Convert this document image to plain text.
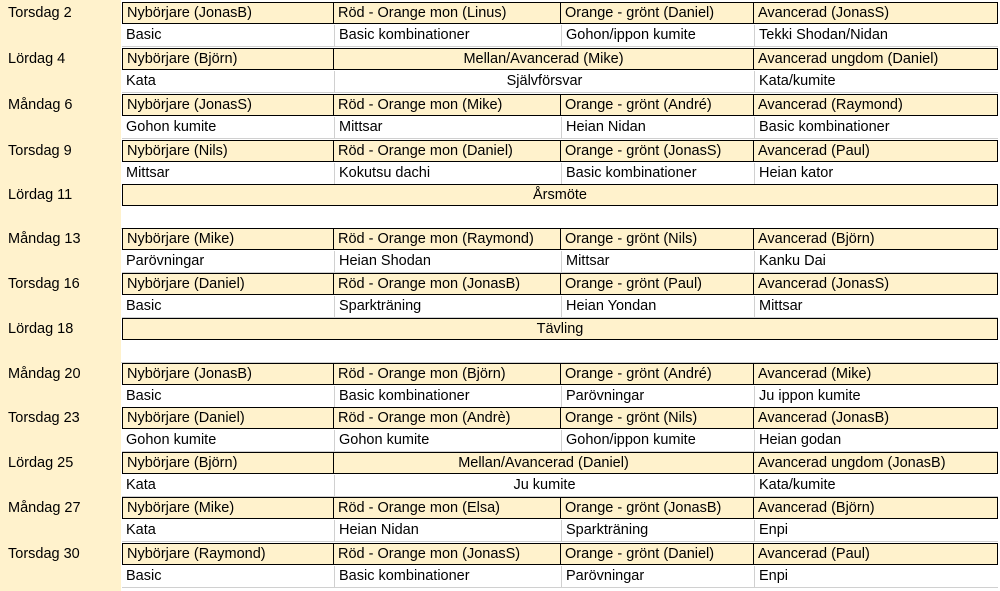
Torsdag 2	Nybörjare (JonasB)	Röd - Orange mon (Linus)	Orange - grönt (Daniel)	Avancerad (JonasS)
Basic	Basic kombinationer	Gohon/ippon kumite	Tekki Shodan/Nidan
Lördag 4	Nybörjare (Björn)	Mellan/Avancerad (Mike)	Avancerad ungdom (Daniel)
Kata	Självförsvar	Kata/kumite
Måndag 6	Nybörjare (JonasS)	Röd - Orange mon (Mike)	Orange - grönt (André)	Avancerad (Raymond)
Gohon kumite	Mittsar	Heian Nidan	Basic kombinationer
Torsdag 9	Nybörjare (Nils)	Röd - Orange mon (Daniel)	Orange - grönt (JonasS)	Avancerad (Paul)
Mittsar	Kokutsu dachi	Basic kombinationer	Heian kator
Lördag 11	Årsmöte
Måndag 13	Nybörjare (Mike)	Röd - Orange mon (Raymond)	Orange - grönt (Nils)	Avancerad (Björn)
Parövningar	Heian Shodan	Mittsar	Kanku Dai
Torsdag 16	Nybörjare (Daniel)	Röd - Orange mon (JonasB)	Orange - grönt (Paul)	Avancerad (JonasS)
Basic	Sparkträning	Heian Yondan	Mittsar
Lördag 18	Tävling
Måndag 20	Nybörjare (JonasB)	Röd - Orange mon (Björn)	Orange - grönt (André)	Avancerad (Mike)
Basic	Basic kombinationer	Parövningar	Ju ippon kumite
Torsdag 23	Nybörjare (Daniel)	Röd - Orange mon (Andrè)	Orange - grönt (Nils)	Avancerad (JonasB)
Gohon kumite	Gohon kumite	Gohon/ippon kumite	Heian godan
Lördag 25	Nybörjare (Björn)	Mellan/Avancerad (Daniel)	Avancerad ungdom (JonasB)
Kata	Ju kumite	Kata/kumite
Måndag 27	Nybörjare (Mike)	Röd - Orange mon (Elsa)	Orange - grönt (JonasB)	Avancerad (Björn)
Kata	Heian Nidan	Sparkträning	Enpi
Torsdag 30	Nybörjare (Raymond)	Röd - Orange mon (JonasS)	Orange - grönt (Daniel)	Avancerad (Paul)
Basic	Basic kombinationer	Parövningar	Enpi
